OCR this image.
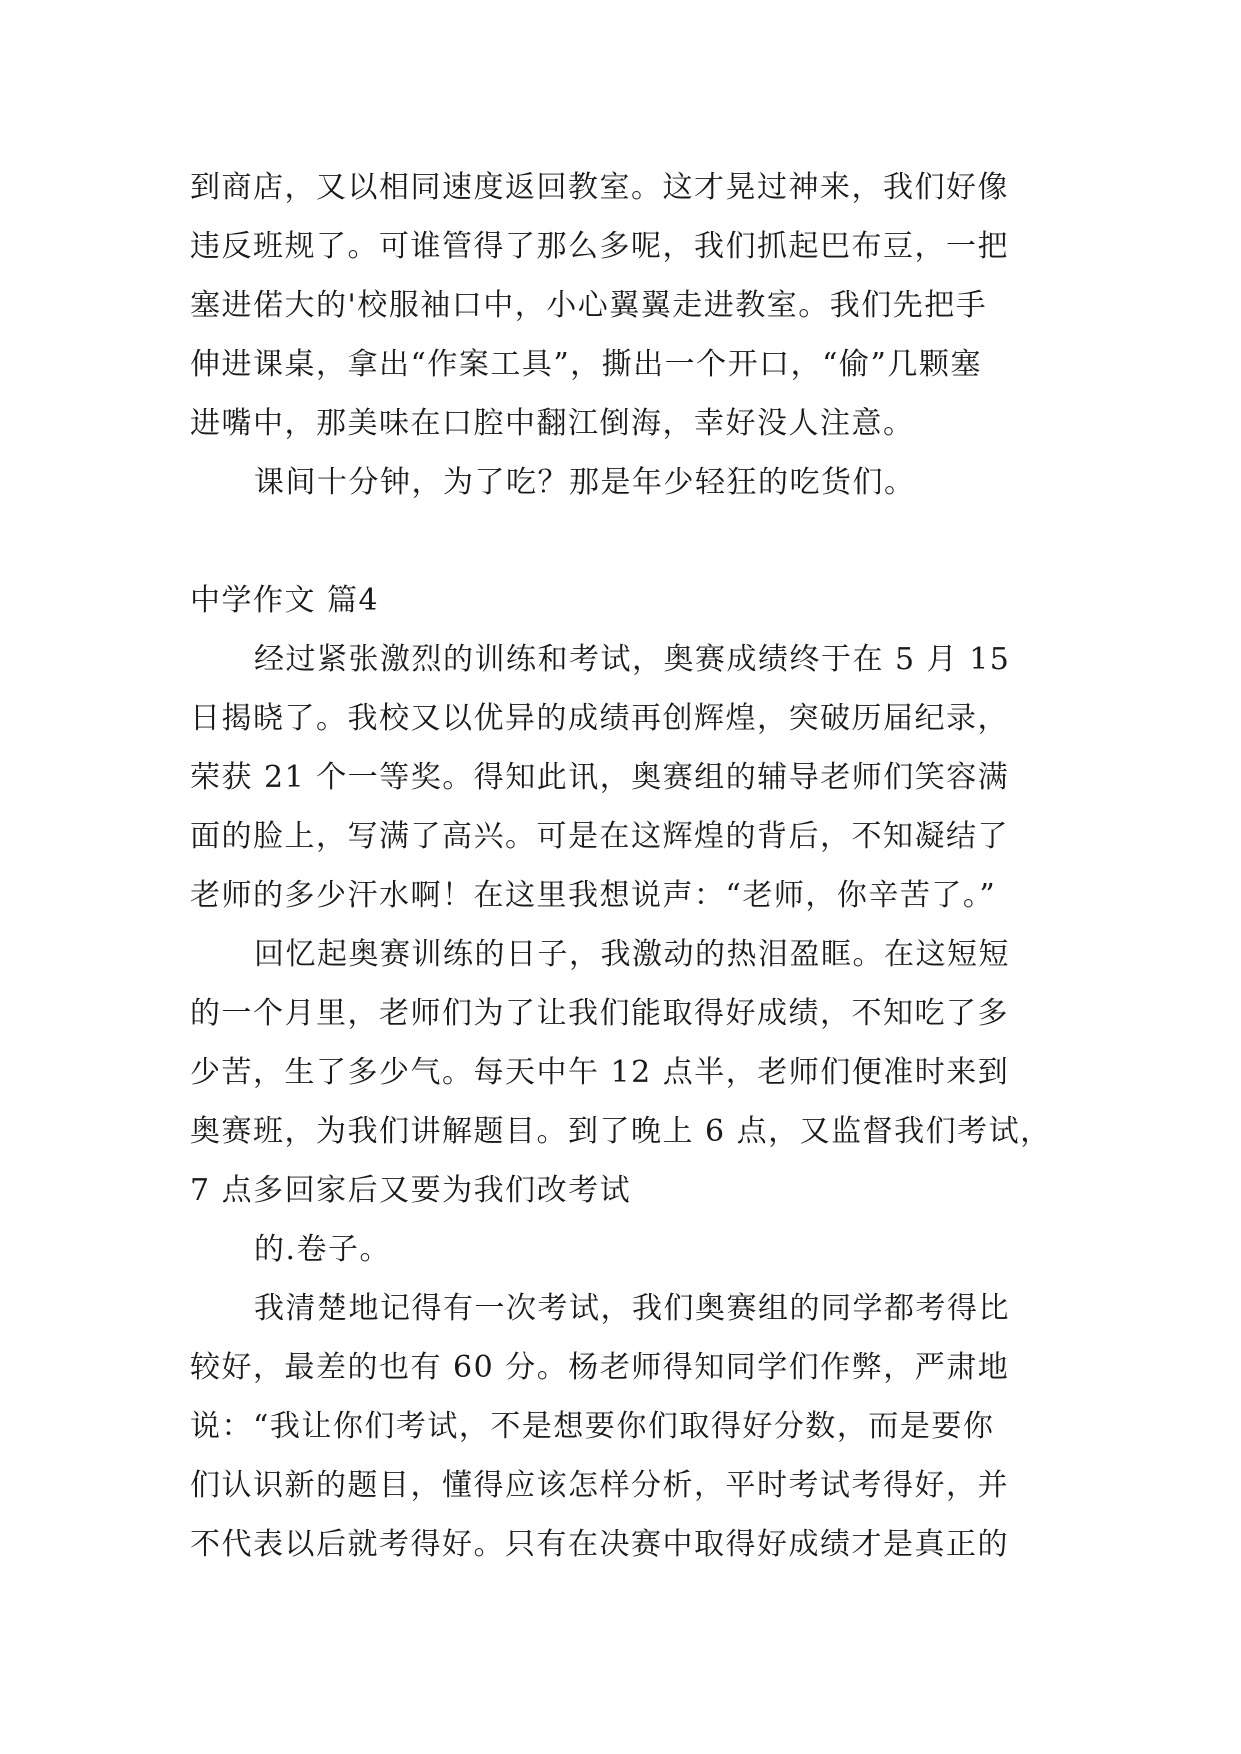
到商店，又以相同速度返回教室。这才晃过神来，我们好像
违反班规了。可谁管得了那么多呢，我们抓起巴布豆，一把
塞进偌大的'校服袖口中，小心翼翼走进教室。我们先把手
伸进课桌，拿出“作案工具”，撕出一个开口，“偷”几颗塞
进嘴中，那美味在口腔中翻江倒海，幸好没人注意。
课间十分钟，为了吃？那是年少轻狂的吃货们。
中学作文 篇4
经过紧张激烈的训练和考试，奥赛成绩终于在 5 月 15
日揭晓了。我校又以优异的成绩再创辉煌，突破历届纪录，
荣获 21 个一等奖。得知此讯，奥赛组的辅导老师们笑容满
面的脸上，写满了高兴。可是在这辉煌的背后，不知凝结了
老师的多少汗水啊！在这里我想说声：“老师，你辛苦了。”
回忆起奥赛训练的日子，我激动的热泪盈眶。在这短短
的一个月里，老师们为了让我们能取得好成绩，不知吃了多
少苦，生了多少气。每天中午 12 点半，老师们便准时来到
奥赛班，为我们讲解题目。到了晚上 6 点，又监督我们考试，
7 点多回家后又要为我们改考试
的.卷子。
我清楚地记得有一次考试，我们奥赛组的同学都考得比
较好，最差的也有 60 分。杨老师得知同学们作弊，严肃地
说：“我让你们考试，不是想要你们取得好分数，而是要你
们认识新的题目，懂得应该怎样分析，平时考试考得好，并
不代表以后就考得好。只有在决赛中取得好成绩才是真正的
